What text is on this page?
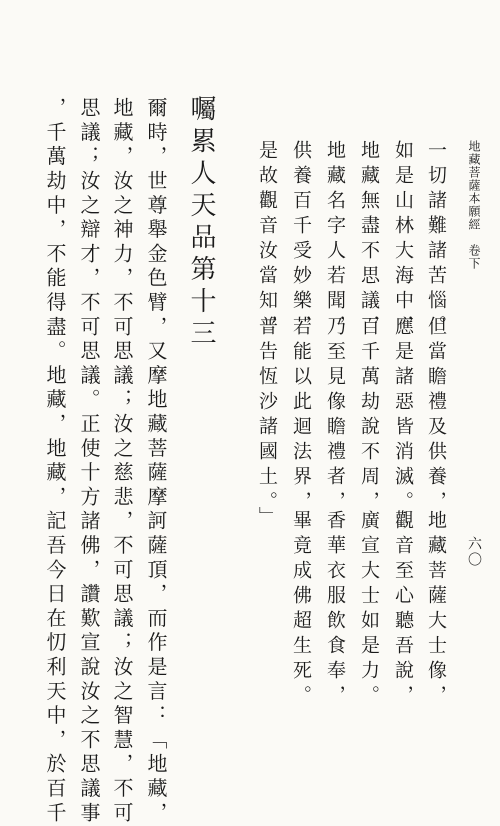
地藏菩薩本願經　卷下
六〇
一切諸難諸苦惱。
但當瞻禮及供養，
地藏菩薩大士像，
如是山林大海中，
應是諸惡皆消滅。
觀音至心聽吾說，
地藏無盡不思議，
百千萬劫說不周，
廣宣大士如是力。
地藏名字人若聞，
乃至見像瞻禮者，
香華衣服飲食奉，
供養百千受妙樂，
若能以此迴法界，
畢竟成佛超生死。
是故觀音汝當知，
普告恆沙諸國土。」
囑累人天品第十三
爾時，世尊舉金色臂，又摩地藏菩薩摩訶薩頂，而作是言：「地藏，
地藏，汝之神力，不可思議；汝之慈悲，不可思議；汝之智慧，不可
思議；汝之辯才，不可思議。正使十方諸佛，讚歎宣說汝之不思議事
，千萬劫中，不能得盡。地藏，地藏，記吾今日在忉利天中，於百千
